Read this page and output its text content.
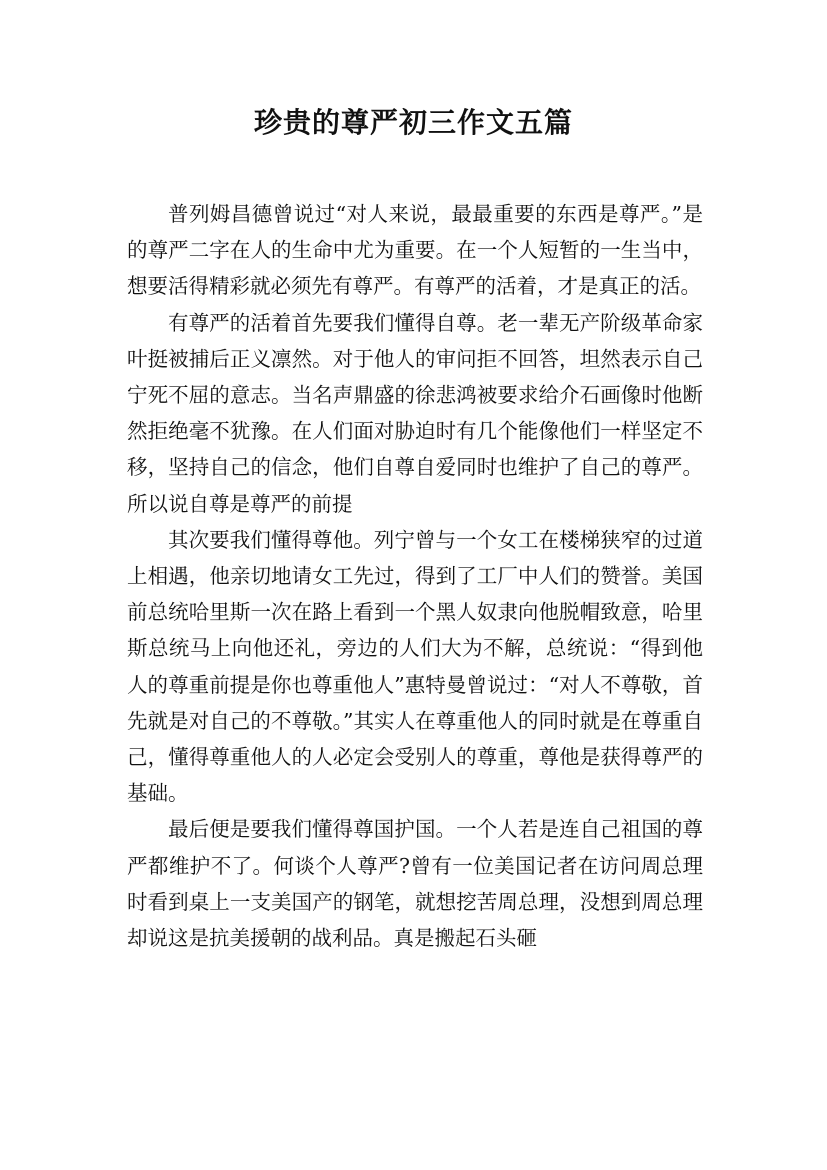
珍贵的尊严初三作文五篇

普列姆昌德曾说过“对人来说，最最重要的东西是尊严。”是的尊严二字在人的生命中尤为重要。在一个人短暂的一生当中，想要活得精彩就必须先有尊严。有尊严的活着，才是真正的活。

有尊严的活着首先要我们懂得自尊。老一辈无产阶级革命家叶挺被捕后正义凛然。对于他人的审问拒不回答，坦然表示自己宁死不屈的意志。当名声鼎盛的徐悲鸿被要求给介石画像时他断然拒绝毫不犹豫。在人们面对胁迫时有几个能像他们一样坚定不移，坚持自己的信念，他们自尊自爱同时也维护了自己的尊严。所以说自尊是尊严的前提

其次要我们懂得尊他。列宁曾与一个女工在楼梯狭窄的过道上相遇，他亲切地请女工先过，得到了工厂中人们的赞誉。美国前总统哈里斯一次在路上看到一个黑人奴隶向他脱帽致意，哈里斯总统马上向他还礼，旁边的人们大为不解，总统说：“得到他人的尊重前提是你也尊重他人”惠特曼曾说过：“对人不尊敬，首先就是对自己的不尊敬。”其实人在尊重他人的同时就是在尊重自己，懂得尊重他人的人必定会受别人的尊重，尊他是获得尊严的基础。

最后便是要我们懂得尊国护国。一个人若是连自己祖国的尊严都维护不了。何谈个人尊严?曾有一位美国记者在访问周总理时看到桌上一支美国产的钢笔，就想挖苦周总理，没想到周总理却说这是抗美援朝的战利品。真是搬起石头砸
